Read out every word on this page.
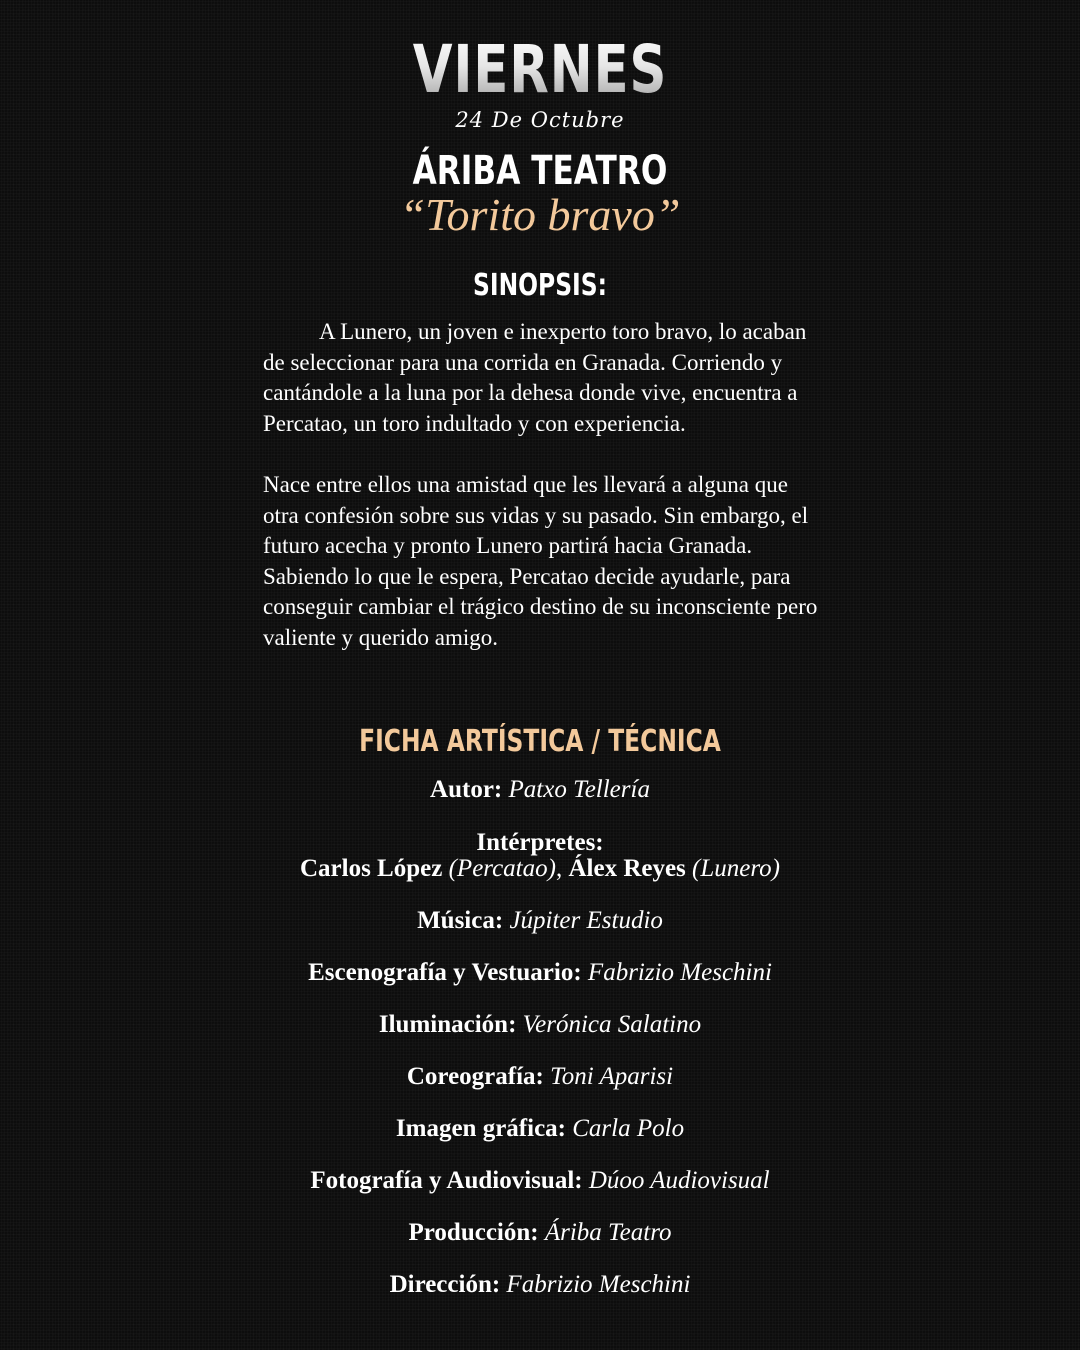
VIERNES
24 De Octubre
ÁRIBA TEATRO
“Torito bravo”
SINOPSIS:

A Lunero, un joven e inexperto toro bravo, lo acaban de seleccionar para una corrida en Granada. Corriendo y cantándole a la luna por la dehesa donde vive, encuentra a Percatao, un toro indultado y con experiencia.

Nace entre ellos una amistad que les llevará a alguna que otra confesión sobre sus vidas y su pasado. Sin embargo, el futuro acecha y pronto Lunero partirá hacia Granada. Sabiendo lo que le espera, Percatao decide ayudarle, para conseguir cambiar el trágico destino de su inconsciente pero valiente y querido amigo.

FICHA ARTÍSTICA / TÉCNICA
Autor: Patxo Tellería
Intérpretes:
Carlos López (Percatao), Álex Reyes (Lunero)
Música: Júpiter Estudio
Escenografía y Vestuario: Fabrizio Meschini
Iluminación: Verónica Salatino
Coreografía: Toni Aparisi
Imagen gráfica: Carla Polo
Fotografía y Audiovisual: Dúoo Audiovisual
Producción: Áriba Teatro
Dirección: Fabrizio Meschini
